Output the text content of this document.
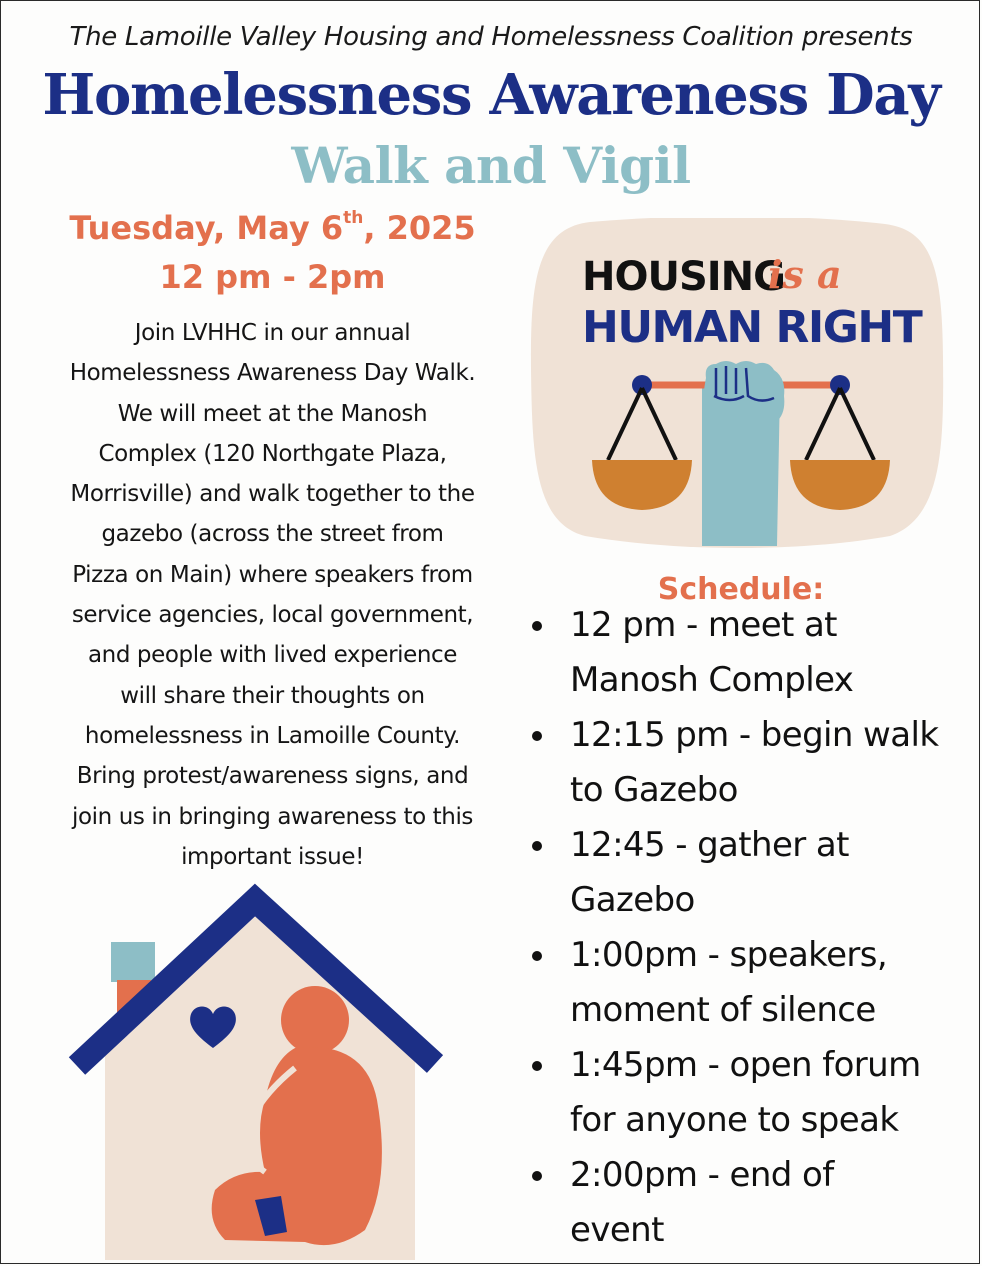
The Lamoille Valley Housing and Homelessness Coalition presents
Homelessness Awareness Day
Walk and Vigil
Tuesday, May 6th, 2025
12 pm - 2pm
Join LVHHC in our annual
Homelessness Awareness Day Walk.
We will meet at the Manosh
Complex (120 Northgate Plaza,
Morrisville) and walk together to the
gazebo (across the street from
Pizza on Main) where speakers from
service agencies, local government,
and people with lived experience
will share their thoughts on
homelessness in Lamoille County.
Bring protest/awareness signs, and
join us in bringing awareness to this
important issue!
HOUSING
is a
HUMAN RIGHT
Schedule:
12 pm - meet at
Manosh Complex
12:15 pm - begin walk
to Gazebo
12:45 - gather at
Gazebo
1:00pm - speakers,
moment of silence
1:45pm - open forum
for anyone to speak
2:00pm - end of
event
